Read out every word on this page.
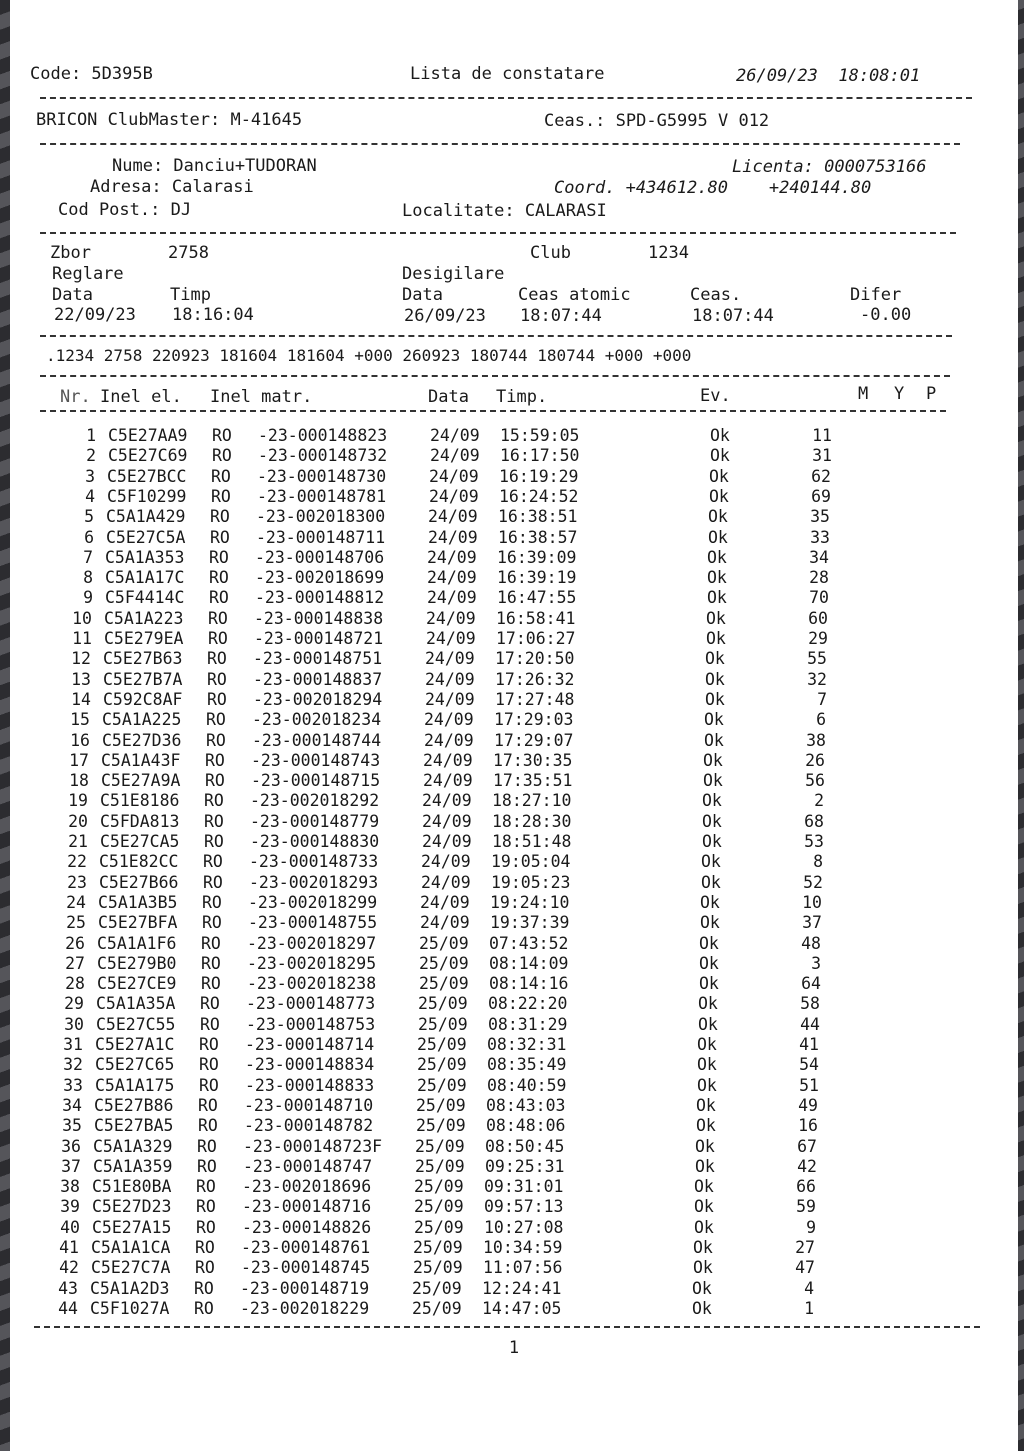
Code: 5D395B	Lista de constatare	26/09/23  18:08:01
BRICON ClubMaster: M-41645	Ceas.: SPD-G5995 V 012
Nume: Danciu+TUDORAN	Licenta: 0000753166
Adresa: Calarasi	Coord. +434612.80    +240144.80
Cod Post.: DJ	Localitate: CALARASI
Zbor	2758	Club	1234
Reglare	Desigilare
Data	Timp	Data	Ceas atomic	Ceas.	Difer
22/09/23 18:16:04	26/09/23 18:07:44	18:07:44	-0.00
.1234 2758 220923 181604 181604 +000 260923 180744 180744 +000 +000
Nr. Inel el. Inel matr.	Data Timp.	Ev.	M Y P
1 C5E27AA9 RO -23-000148823	24/09 15:59:05	Ok	11
2 C5E27C69 RO -23-000148732	24/09 16:17:50	Ok	31
3 C5E27BCC RO -23-000148730	24/09 16:19:29	Ok	62
4 C5F10299 RO -23-000148781	24/09 16:24:52	Ok	69
5 C5A1A429 RO -23-002018300	24/09 16:38:51	Ok	35
6 C5E27C5A RO -23-000148711	24/09 16:38:57	Ok	33
7 C5A1A353 RO -23-000148706	24/09 16:39:09	Ok	34
8 C5A1A17C RO -23-002018699	24/09 16:39:19	Ok	28
9 C5F4414C RO -23-000148812	24/09 16:47:55	Ok	70
10 C5A1A223 RO -23-000148838	24/09 16:58:41	Ok	60
11 C5E279EA RO -23-000148721	24/09 17:06:27	Ok	29
12 C5E27B63 RO -23-000148751	24/09 17:20:50	Ok	55
13 C5E27B7A RO -23-000148837	24/09 17:26:32	Ok	32
14 C592C8AF RO -23-002018294	24/09 17:27:48	Ok	7
15 C5A1A225 RO -23-002018234	24/09 17:29:03	Ok	6
16 C5E27D36 RO -23-000148744	24/09 17:29:07	Ok	38
17 C5A1A43F RO -23-000148743	24/09 17:30:35	Ok	26
18 C5E27A9A RO -23-000148715	24/09 17:35:51	Ok	56
19 C51E8186 RO -23-002018292	24/09 18:27:10	Ok	2
20 C5FDA813 RO -23-000148779	24/09 18:28:30	Ok	68
21 C5E27CA5 RO -23-000148830	24/09 18:51:48	Ok	53
22 C51E82CC RO -23-000148733	24/09 19:05:04	Ok	8
23 C5E27B66 RO -23-002018293	24/09 19:05:23	Ok	52
24 C5A1A3B5 RO -23-002018299	24/09 19:24:10	Ok	10
25 C5E27BFA RO -23-000148755	24/09 19:37:39	Ok	37
26 C5A1A1F6 RO -23-002018297	25/09 07:43:52	Ok	48
27 C5E279B0 RO -23-002018295	25/09 08:14:09	Ok	3
28 C5E27CE9 RO -23-002018238	25/09 08:14:16	Ok	64
29 C5A1A35A RO -23-000148773	25/09 08:22:20	Ok	58
30 C5E27C55 RO -23-000148753	25/09 08:31:29	Ok	44
31 C5E27A1C RO -23-000148714	25/09 08:32:31	Ok	41
32 C5E27C65 RO -23-000148834	25/09 08:35:49	Ok	54
33 C5A1A175 RO -23-000148833	25/09 08:40:59	Ok	51
34 C5E27B86 RO -23-000148710	25/09 08:43:03	Ok	49
35 C5E27BA5 RO -23-000148782	25/09 08:48:06	Ok	16
36 C5A1A329 RO -23-000148723F 25/09 08:50:45	Ok	67
37 C5A1A359 RO -23-000148747	25/09 09:25:31	Ok	42
38 C51E80BA RO -23-002018696	25/09 09:31:01	Ok	66
39 C5E27D23 RO -23-000148716	25/09 09:57:13	Ok	59
40 C5E27A15 RO -23-000148826	25/09 10:27:08	Ok	9
41 C5A1A1CA RO -23-000148761	25/09 10:34:59	Ok	27
42 C5E27C7A RO -23-000148745	25/09 11:07:56	Ok	47
43 C5A1A2D3 RO -23-000148719	25/09 12:24:41	Ok	4
44 C5F1027A RO -23-002018229	25/09 14:47:05	Ok	1
1
